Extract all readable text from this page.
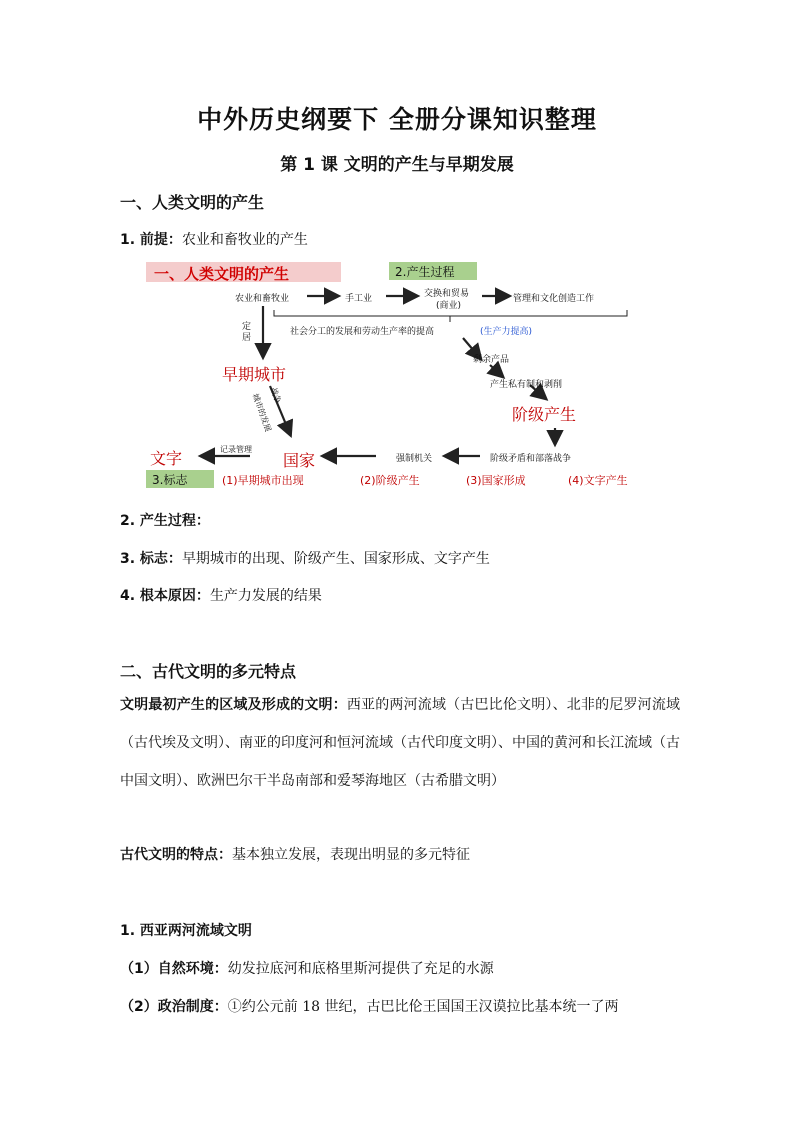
中外历史纲要下 全册分课知识整理
第 1 课 文明的产生与早期发展
一、人类文明的产生
1. 前提：农业和畜牧业的产生
一、人类文明的产生	2.产生过程
农业和畜牧业	手工业	交换和贸易
(商业)
管理和文化创造工作
社会分工的发展和劳动生产率的提高	(生产力提高)
定居
剩余产品
产生私有制和剥削
早期城市
阶级产生
战争
城市的发展
文字	记录管理
国家	强制机关	阶级矛盾和部落战争
3.标志	(1)早期城市出现	(2)阶级产生	(3)国家形成	(4)文字产生
2. 产生过程：
3. 标志：早期城市的出现、阶级产生、国家形成、文字产生
4. 根本原因：生产力发展的结果
二、古代文明的多元特点
文明最初产生的区域及形成的文明：西亚的两河流域（古巴比伦文明）、北非的尼罗河流域（古代埃及文明）、南亚的印度河和恒河流域（古代印度文明）、中国的黄河和长江流域（古中国文明）、欧洲巴尔干半岛南部和爱琴海地区（古希腊文明）
古代文明的特点：基本独立发展，表现出明显的多元特征
1. 西亚两河流域文明
（1）自然环境：幼发拉底河和底格里斯河提供了充足的水源
（2）政治制度：①约公元前 18 世纪，古巴比伦王国国王汉谟拉比基本统一了两
